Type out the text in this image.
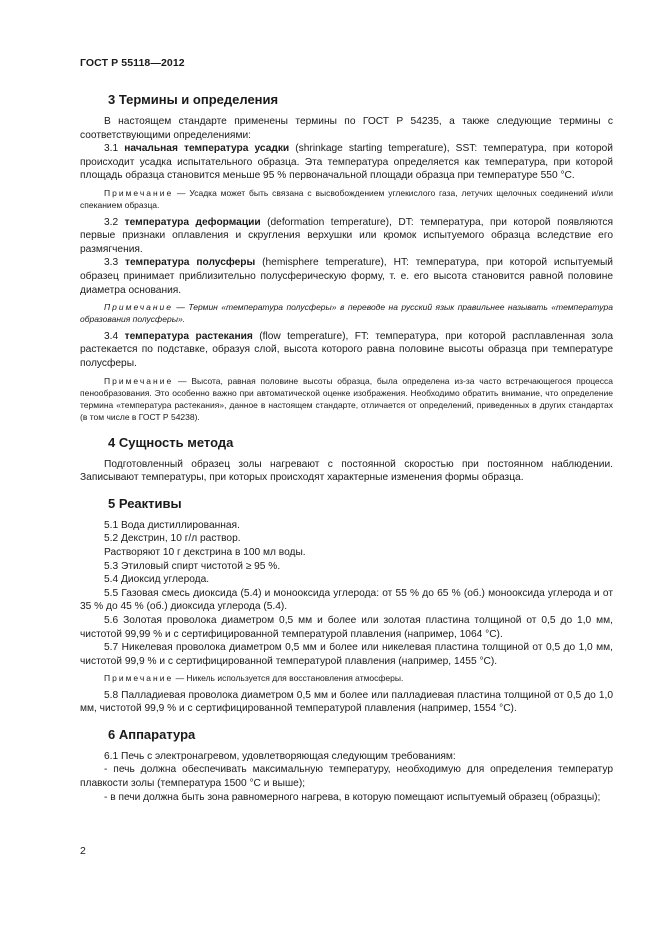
ГОСТ Р 55118—2012
3 Термины и определения

В настоящем стандарте применены термины по ГОСТ Р 54235, а также следующие термины с соответствующими определениями:

3.1 начальная температура усадки (shrinkage starting temperature), SST: температура, при которой происходит усадка испытательного образца. Эта температура определяется как температура, при которой площадь образца становится меньше 95 % первоначальной площади образца при температуре 550 °C.

Примечание — Усадка может быть связана с высвобождением углекислого газа, летучих щелочных соединений и/или спеканием образца.

3.2 температура деформации (deformation temperature), DT: температура, при которой появляются первые признаки оплавления и скругления верхушки или кромок испытуемого образца вследствие его размягчения.

3.3 температура полусферы (hemisphere temperature), HT: температура, при которой испытуемый образец принимает приблизительно полусферическую форму, т. е. его высота становится равной половине диаметра основания.

Примечание — Термин «температура полусферы» в переводе на русский язык правильнее называть «температура образования полусферы».

3.4 температура растекания (flow temperature), FT: температура, при которой расплавленная зола растекается по подставке, образуя слой, высота которого равна половине высоты образца при температуре полусферы.

Примечание — Высота, равная половине высоты образца, была определена из-за часто встречающегося процесса пенообразования. Это особенно важно при автоматической оценке изображения. Необходимо обратить внимание, что определение термина «температура растекания», данное в настоящем стандарте, отличается от определений, приведенных в других стандартах (в том числе в ГОСТ Р 54238).

4 Сущность метода

Подготовленный образец золы нагревают с постоянной скоростью при постоянном наблюдении. Записывают температуры, при которых происходят характерные изменения формы образца.

5 Реактивы

5.1 Вода дистиллированная.

5.2 Декстрин, 10 г/л раствор.

Растворяют 10 г декстрина в 100 мл воды.

5.3 Этиловый спирт чистотой ≥ 95 %.

5.4 Диоксид углерода.

5.5 Газовая смесь диоксида (5.4) и монооксида углерода: от 55 % до 65 % (об.) монооксида углерода и от 35 % до 45 % (об.) диоксида углерода (5.4).

5.6 Золотая проволока диаметром 0,5 мм и более или золотая пластина толщиной от 0,5 до 1,0 мм, чистотой 99,99 % и с сертифицированной температурой плавления (например, 1064 °C).

5.7 Никелевая проволока диаметром 0,5 мм и более или никелевая пластина толщиной от 0,5 до 1,0 мм, чистотой 99,9 % и с сертифицированной температурой плавления (например, 1455 °C).

Примечание — Никель используется для восстановления атмосферы.

5.8 Палладиевая проволока диаметром 0,5 мм и более или палладиевая пластина толщиной от 0,5 до 1,0 мм, чистотой 99,9 % и с сертифицированной температурой плавления (например, 1554 °C).

6 Аппаратура

6.1 Печь с электронагревом, удовлетворяющая следующим требованиям:

- печь должна обеспечивать максимальную температуру, необходимую для определения температур плавкости золы (температура 1500 °C и выше);

- в печи должна быть зона равномерного нагрева, в которую помещают испытуемый образец (образцы);

2
